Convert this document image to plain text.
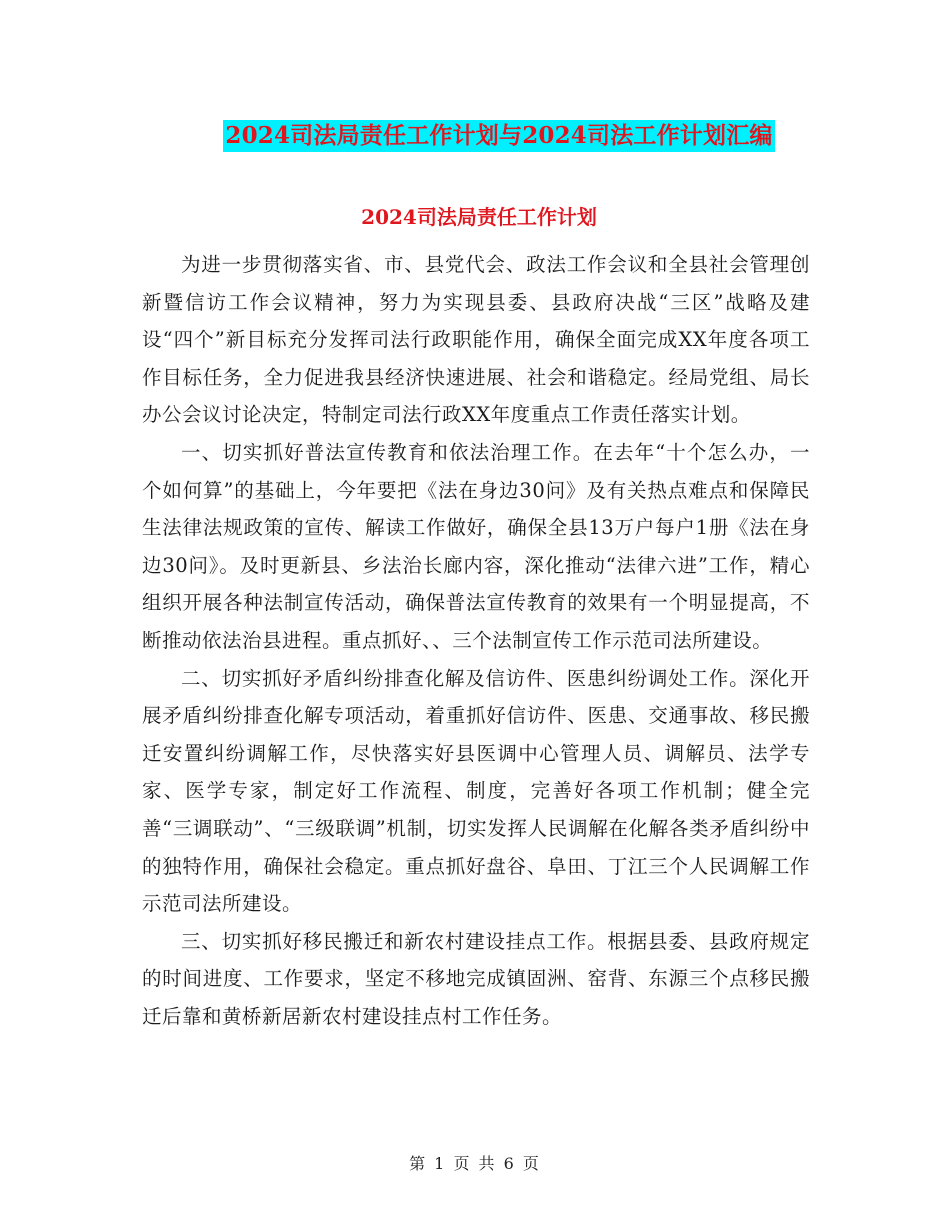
2024司法局责任工作计划与2024司法工作计划汇编
2024司法局责任工作计划

为进一步贯彻落实省、市、县党代会、政法工作会议和全县社会管理创新暨信访工作会议精神，努力为实现县委、县政府决战“三区”战略及建设“四个”新目标充分发挥司法行政职能作用，确保全面完成XX年度各项工作目标任务，全力促进我县经济快速进展、社会和谐稳定。经局党组、局长办公会议讨论决定，特制定司法行政XX年度重点工作责任落实计划。

一、切实抓好普法宣传教育和依法治理工作。在去年“十个怎么办，一个如何算”的基础上，今年要把《法在身边30问》及有关热点难点和保障民生法律法规政策的宣传、解读工作做好，确保全县13万户每户1册《法在身边30问》。及时更新县、乡法治长廊内容，深化推动“法律六进”工作，精心组织开展各种法制宣传活动，确保普法宣传教育的效果有一个明显提高，不断推动依法治县进程。重点抓好、、三个法制宣传工作示范司法所建设。

二、切实抓好矛盾纠纷排查化解及信访件、医患纠纷调处工作。深化开展矛盾纠纷排查化解专项活动，着重抓好信访件、医患、交通事故、移民搬迁安置纠纷调解工作，尽快落实好县医调中心管理人员、调解员、法学专家、医学专家，制定好工作流程、制度，完善好各项工作机制；健全完善“三调联动”、“三级联调”机制，切实发挥人民调解在化解各类矛盾纠纷中的独特作用，确保社会稳定。重点抓好盘谷、阜田、丁江三个人民调解工作示范司法所建设。

三、切实抓好移民搬迁和新农村建设挂点工作。根据县委、县政府规定的时间进度、工作要求，坚定不移地完成镇固洲、窑背、东源三个点移民搬迁后靠和黄桥新居新农村建设挂点村工作任务。

第 1 页 共 6 页
